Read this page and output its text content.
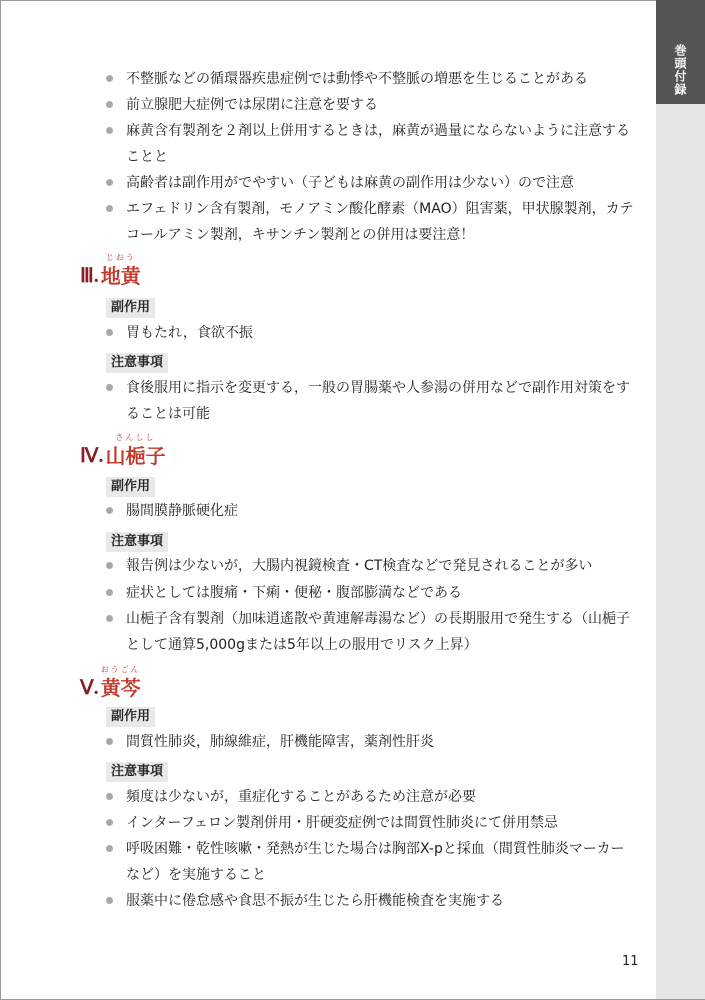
巻頭付録
不整脈などの循環器疾患症例では動悸や不整脈の増悪を生じることがある
前立腺肥大症例では尿閉に注意を要する
麻黄含有製剤を２剤以上併用するときは，麻黄が過量にならないように注意することと
高齢者は副作用がでやすい（子どもは麻黄の副作用は少ない）ので注意
エフェドリン含有製剤，モノアミン酸化酵素（MAO）阻害薬，甲状腺製剤，カテコールアミン製剤，キサンチン製剤との併用は要注意！
Ⅲ.
じおう
地黄
副作用
胃もたれ，食欲不振
注意事項
食後服用に指示を変更する，一般の胃腸薬や人参湯の併用などで副作用対策をすることは可能
Ⅳ.
さんしし
山梔子
副作用
腸間膜静脈硬化症
注意事項
報告例は少ないが，大腸内視鏡検査・CT検査などで発見されることが多い
症状としては腹痛・下痢・便秘・腹部膨満などである
山梔子含有製剤（加味逍遙散や黄連解毒湯など）の長期服用で発生する（山梔子として通算5,000gまたは5年以上の服用でリスク上昇）
Ⅴ.
おうごん
黄芩
副作用
間質性肺炎，肺線維症，肝機能障害，薬剤性肝炎
注意事項
頻度は少ないが，重症化することがあるため注意が必要
インターフェロン製剤併用・肝硬変症例では間質性肺炎にて併用禁忌
呼吸困難・乾性咳嗽・発熱が生じた場合は胸部X-pと採血（間質性肺炎マーカーなど）を実施すること
服薬中に倦怠感や食思不振が生じたら肝機能検査を実施する
11
